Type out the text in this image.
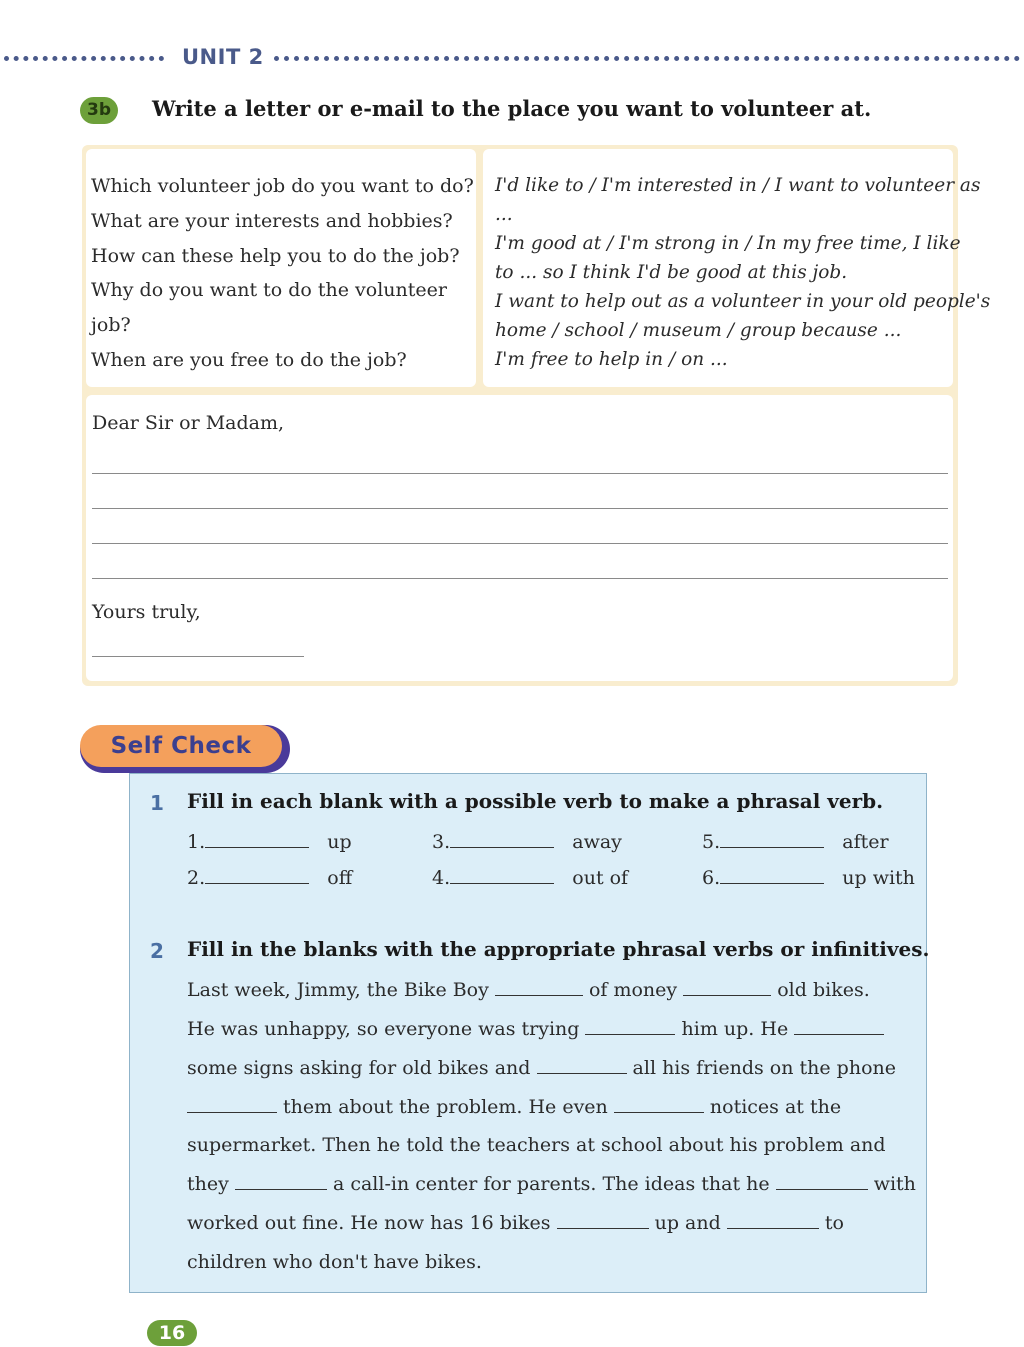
UNIT 2
3b	Write a letter or e-mail to the place you want to volunteer at.
Which volunteer job do you want to do?
What are your interests and hobbies?
How can these help you to do the job?
Why do you want to do the volunteer
job?
When are you free to do the job?
I'd like to / I'm interested in / I want to volunteer as
...
I'm good at / I'm strong in / In my free time, I like
to ... so I think I'd be good at this job.
I want to help out as a volunteer in your old people's
home / school / museum / group because ...
I'm free to help in / on ...
Dear Sir or Madam,
Yours truly,
Self Check
1 Fill in each blank with a possible verb to make a phrasal verb.
1.	up
2.	off
3.	away
4.	out of
5.	after
6.	up with
2 Fill in the blanks with the appropriate phrasal verbs or infinitives.
Last week, Jimmy, the Bike Boy	of money	old bikes.
He was unhappy, so everyone was trying	him up. He
some signs asking for old bikes and	all his friends on the phone
them about the problem. He even	notices at the
supermarket. Then he told the teachers at school about his problem and
they	a call-in center for parents. The ideas that he	with
worked out fine. He now has 16 bikes	up and	to
children who don't have bikes.
16
